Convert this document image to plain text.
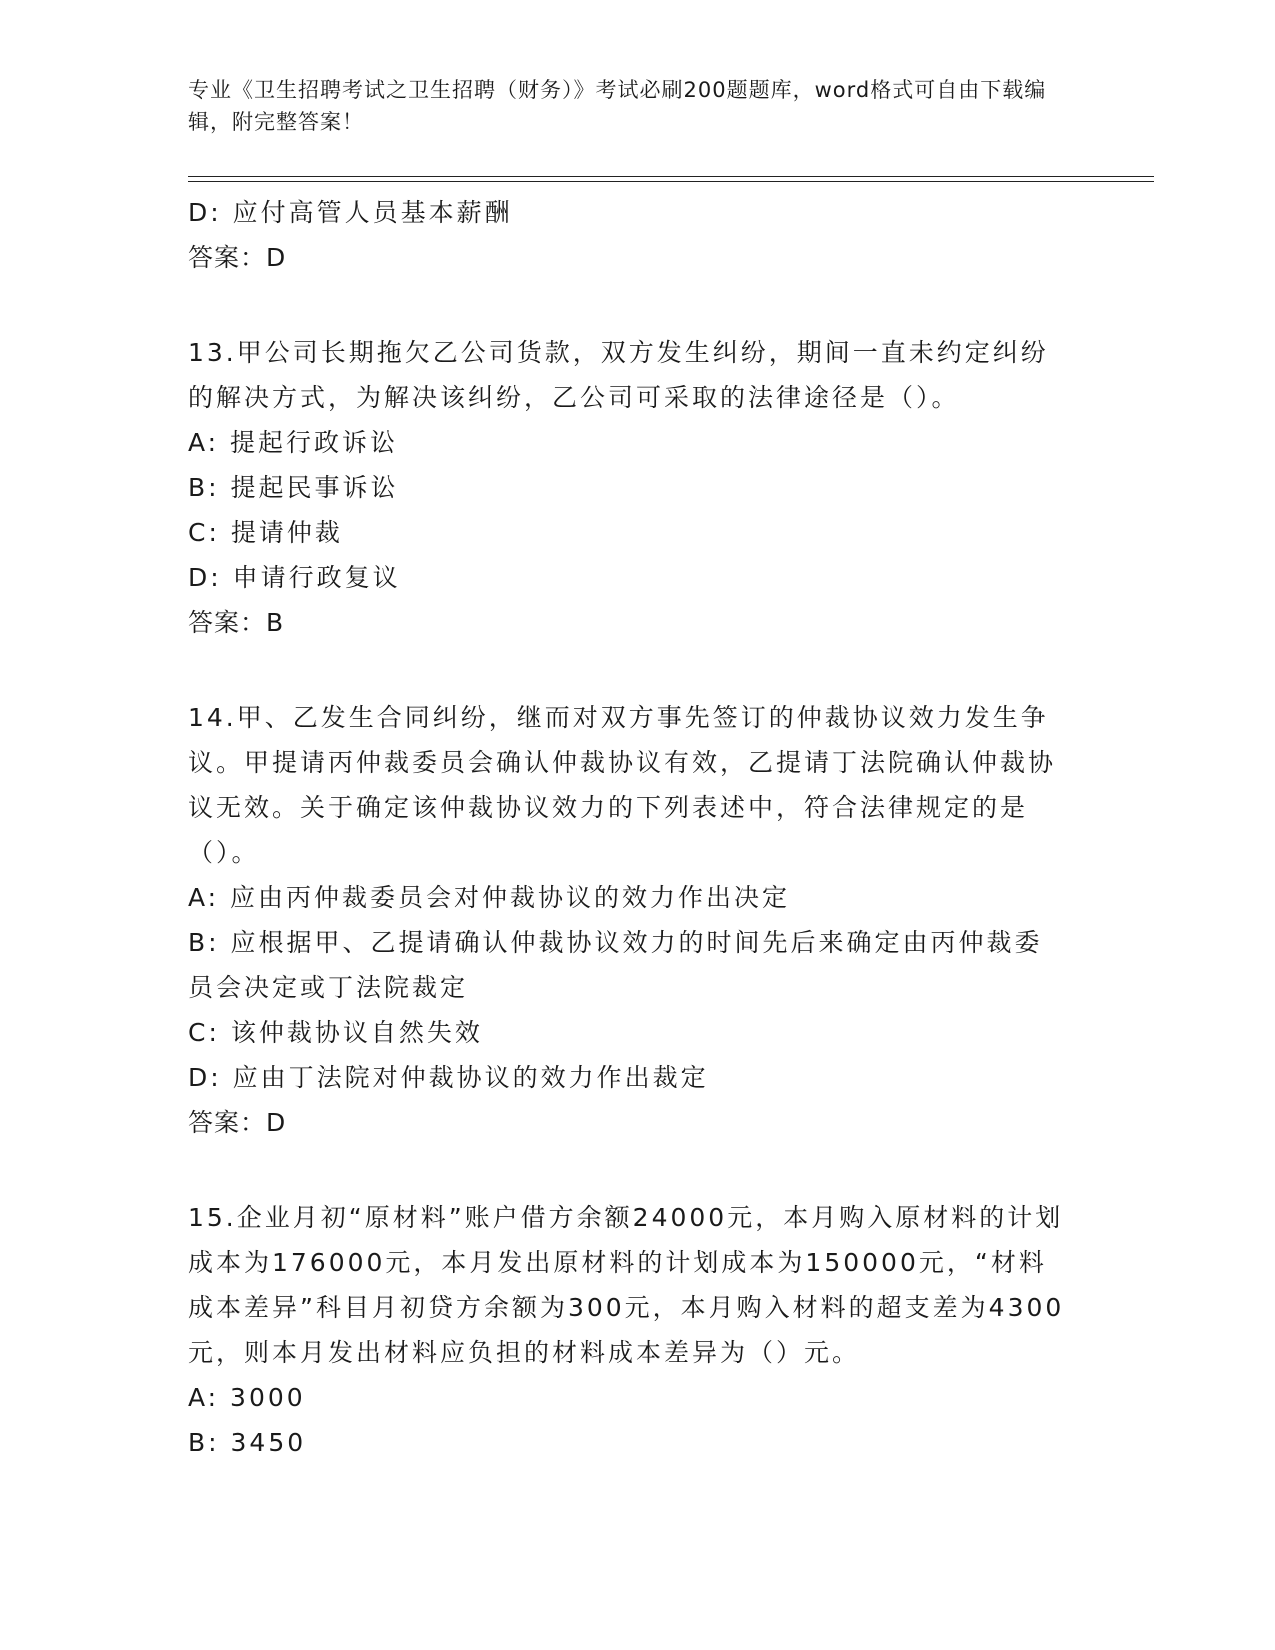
专业《卫生招聘考试之卫生招聘（财务）》考试必刷200题题库，word格式可自由下载编辑，附完整答案！
D: 应付高管人员基本薪酬
答案：D
13.甲公司长期拖欠乙公司货款，双方发生纠纷，期间一直未约定纠纷的解决方式，为解决该纠纷，乙公司可采取的法律途径是（）。
A: 提起行政诉讼
B: 提起民事诉讼
C: 提请仲裁
D: 申请行政复议
答案：B
14.甲、乙发生合同纠纷，继而对双方事先签订的仲裁协议效力发生争议。甲提请丙仲裁委员会确认仲裁协议有效，乙提请丁法院确认仲裁协议无效。关于确定该仲裁协议效力的下列表述中，符合法律规定的是（）。
A: 应由丙仲裁委员会对仲裁协议的效力作出决定
B: 应根据甲、乙提请确认仲裁协议效力的时间先后来确定由丙仲裁委员会决定或丁法院裁定
C: 该仲裁协议自然失效
D: 应由丁法院对仲裁协议的效力作出裁定
答案：D
15.企业月初“原材料”账户借方余额24000元，本月购入原材料的计划成本为176000元，本月发出原材料的计划成本为150000元，“材料成本差异”科目月初贷方余额为300元，本月购入材料的超支差为4300元，则本月发出材料应负担的材料成本差异为（）元。
A: 3000
B: 3450
